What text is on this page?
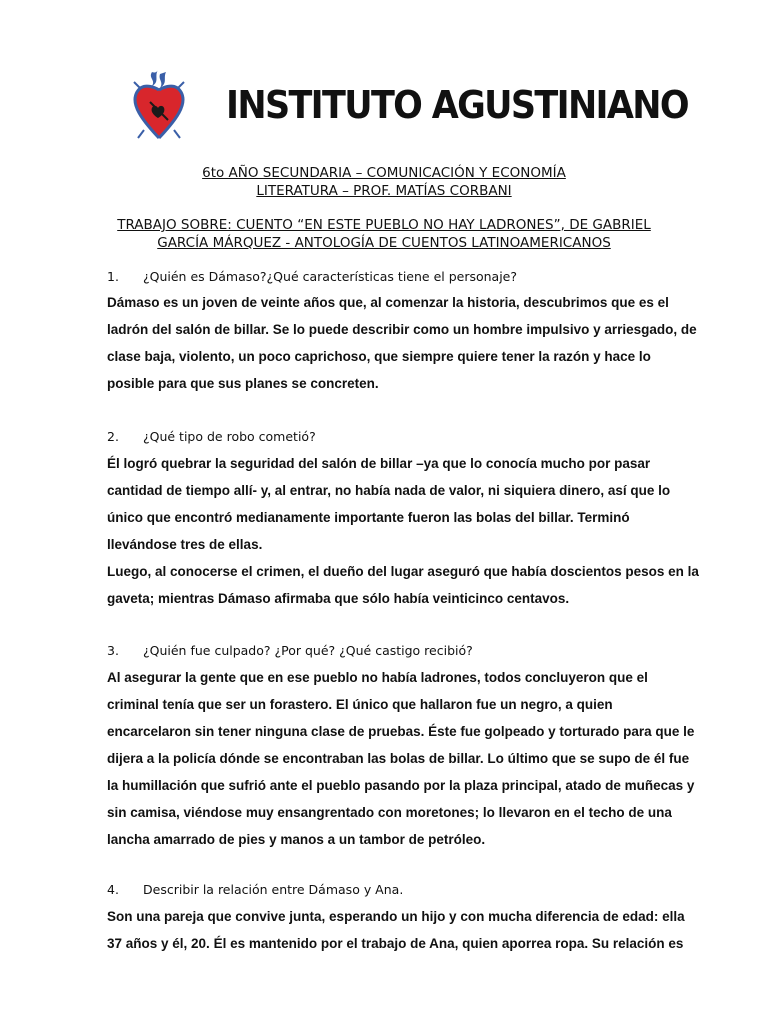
INSTITUTO AGUSTINIANO
6to AÑO SECUNDARIA – COMUNICACIÓN Y ECONOMÍA
LITERATURA – PROF. MATÍAS CORBANI
TRABAJO SOBRE: CUENTO “EN ESTE PUEBLO NO HAY LADRONES”, DE GABRIEL
GARCÍA MÁRQUEZ - ANTOLOGÍA DE CUENTOS LATINOAMERICANOS
1. ¿Quién es Dámaso?¿Qué características tiene el personaje?
Dámaso es un joven de veinte años que, al comenzar la historia, descubrimos que es el
ladrón del salón de billar. Se lo puede describir como un hombre impulsivo y arriesgado, de
clase baja, violento, un poco caprichoso, que siempre quiere tener la razón y hace lo
posible para que sus planes se concreten.
2. ¿Qué tipo de robo cometió?
Él logró quebrar la seguridad del salón de billar –ya que lo conocía mucho por pasar
cantidad de tiempo allí- y, al entrar, no había nada de valor, ni siquiera dinero, así que lo
único que encontró medianamente importante fueron las bolas del billar. Terminó
llevándose tres de ellas.
Luego, al conocerse el crimen, el dueño del lugar aseguró que había doscientos pesos en la
gaveta; mientras Dámaso afirmaba que sólo había veinticinco centavos.
3. ¿Quién fue culpado? ¿Por qué? ¿Qué castigo recibió?
Al asegurar la gente que en ese pueblo no había ladrones, todos concluyeron que el
criminal tenía que ser un forastero. El único que hallaron fue un negro, a quien
encarcelaron sin tener ninguna clase de pruebas. Éste fue golpeado y torturado para que le
dijera a la policía dónde se encontraban las bolas de billar. Lo último que se supo de él fue
la humillación que sufrió ante el pueblo pasando por la plaza principal, atado de muñecas y
sin camisa, viéndose muy ensangrentado con moretones; lo llevaron en el techo de una
lancha amarrado de pies y manos a un tambor de petróleo.
4. Describir la relación entre Dámaso y Ana.
Son una pareja que convive junta, esperando un hijo y con mucha diferencia de edad: ella
37 años y él, 20. Él es mantenido por el trabajo de Ana, quien aporrea ropa. Su relación es
